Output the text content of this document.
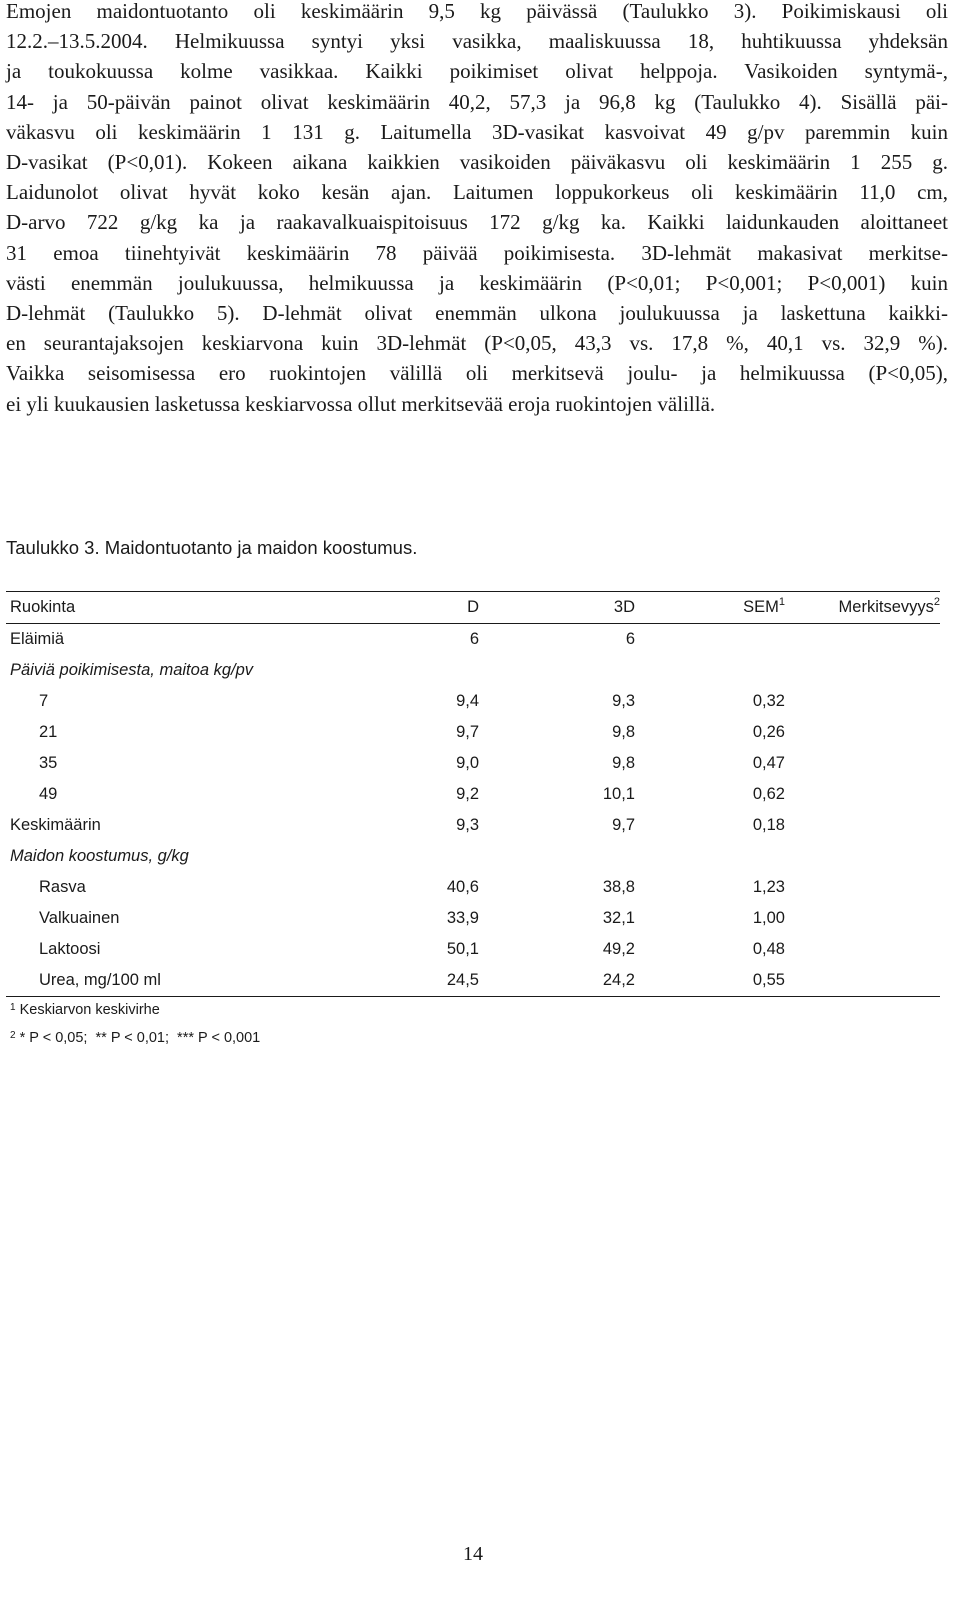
Emojen maidontuotanto oli keskimäärin 9,5 kg päivässä (Taulukko 3). Poikimiskausi oli
12.2.–13.5.2004. Helmikuussa syntyi yksi vasikka, maaliskuussa 18, huhtikuussa yhdeksän
ja toukokuussa kolme vasikkaa. Kaikki poikimiset olivat helppoja. Vasikoiden syntymä-,
14- ja 50-päivän painot olivat keskimäärin 40,2, 57,3 ja 96,8 kg (Taulukko 4). Sisällä päi-
väkasvu oli keskimäärin 1 131 g. Laitumella 3D-vasikat kasvoivat 49 g/pv paremmin kuin
D-vasikat (P<0,01). Kokeen aikana kaikkien vasikoiden päiväkasvu oli keskimäärin 1 255 g.
Laidunolot olivat hyvät koko kesän ajan. Laitumen loppukorkeus oli keskimäärin 11,0 cm,
D-arvo 722 g/kg ka ja raakavalkuaispitoisuus 172 g/kg ka. Kaikki laidunkauden aloittaneet
31 emoa tiinehtyivät keskimäärin 78 päivää poikimisesta. 3D-lehmät makasivat merkitse-
västi enemmän joulukuussa, helmikuussa ja keskimäärin (P<0,01; P<0,001; P<0,001) kuin
D-lehmät (Taulukko 5). D-lehmät olivat enemmän ulkona joulukuussa ja laskettuna kaikki-
en seurantajaksojen keskiarvona kuin 3D-lehmät (P<0,05, 43,3 vs. 17,8 %, 40,1 vs. 32,9 %).
Vaikka seisomisessa ero ruokintojen välillä oli merkitsevä joulu- ja helmikuussa (P<0,05),
ei yli kuukausien lasketussa keskiarvossa ollut merkitsevää eroja ruokintojen välillä.

Taulukko 3. Maidontuotanto ja maidon koostumus.

Ruokinta	D		3D		SEM$^1$	Merkitsevyys$^2$
Eläimiä	6		6			
Päiviä poikimisesta, maitoa kg/pv						
7	9,4		9,3		0,32	
21	9,7		9,8		0,26	
35	9,0		9,8		0,47	
49	9,2		10,1		0,62	
Keskimäärin	9,3		9,7		0,18	
Maidon koostumus, g/kg						
Rasva	40,6		38,8		1,23	
Valkuainen	33,9		32,1		1,00	
Laktoosi	50,1		49,2		0,48	
Urea, mg/100 ml	24,5		24,2		0,55	
$^1$ Keskiarvon keskivirhe
$^2$ * P < 0,05;  ** P < 0,01;  *** P < 0,001
14
